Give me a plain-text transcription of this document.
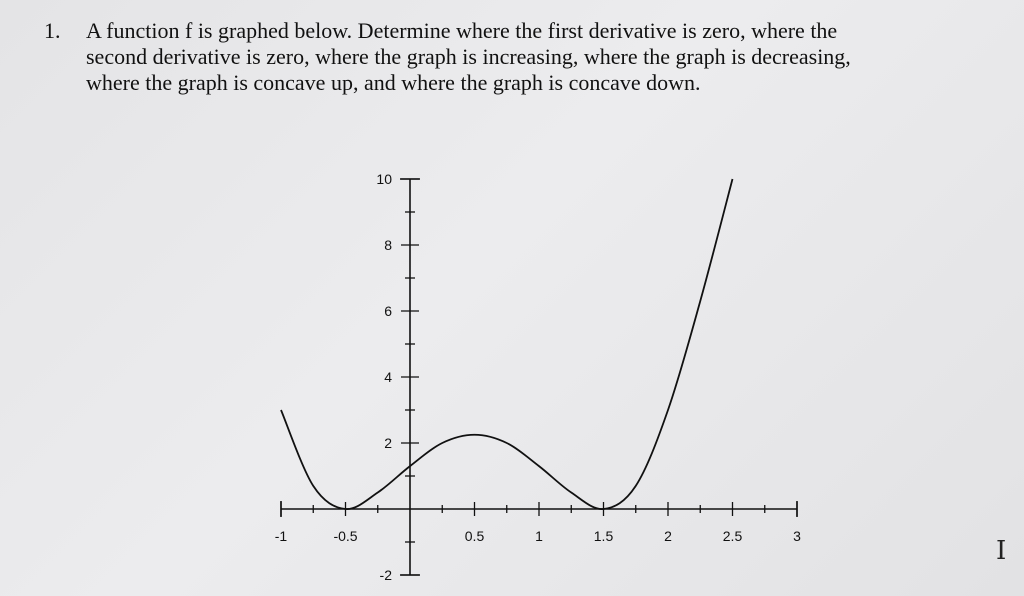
1. A function f is graphed below. Determine where the first derivative is zero, where the
second derivative is zero, where the graph is increasing, where the graph is decreasing,
where the graph is concave up, and where the graph is concave down.
-1	-0.5	0.5	1	1.5	2	2.5	3
-2
2
4
6
8
10
I
